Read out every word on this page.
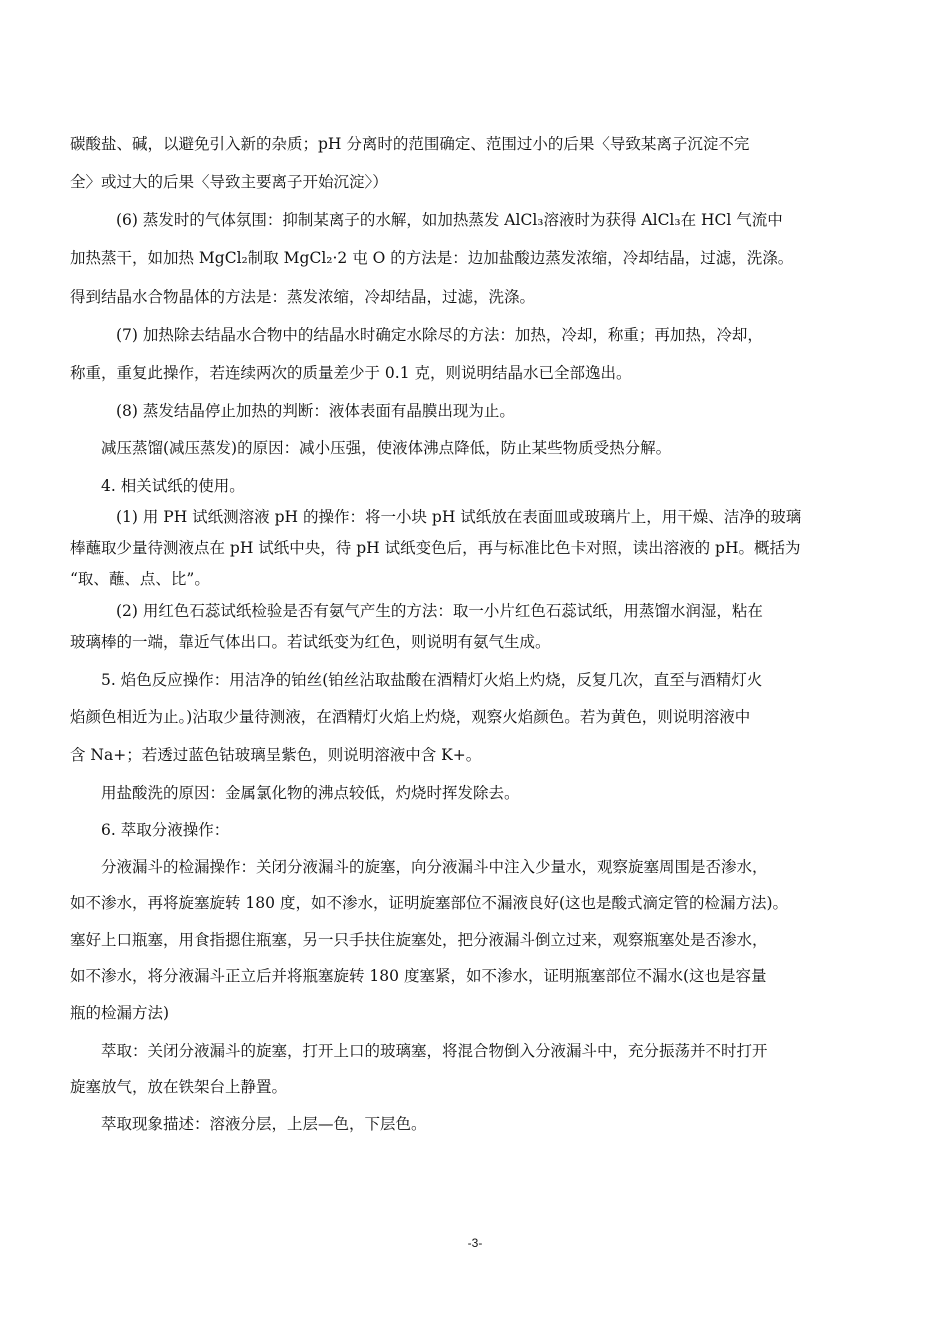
碳酸盐、碱，以避免引入新的杂质；pH 分离时的范围确定、范围过小的后果〈导致某离子沉淀不完
全〉或过大的后果〈导致主要离子开始沉淀〉）
(6) 蒸发时的气体氛围：抑制某离子的水解，如加热蒸发 AlCl₃溶液时为获得 AlCl₃在 HCl 气流中
加热蒸干，如加热 MgCl₂制取 MgCl₂·2 屯 O 的方法是：边加盐酸边蒸发浓缩，冷却结晶，过滤，洗涤。
得到结晶水合物晶体的方法是：蒸发浓缩，冷却结晶，过滤，洗涤。
(7) 加热除去结晶水合物中的结晶水时确定水除尽的方法：加热，冷却，称重；再加热，冷却，
称重，重复此操作，若连续两次的质量差少于 0.1 克，则说明结晶水已全部逸出。
(8) 蒸发结晶停止加热的判断：液体表面有晶膜出现为止。
减压蒸馏(减压蒸发)的原因：减小压强，使液体沸点降低，防止某些物质受热分解。
4. 相关试纸的使用。
(1) 用 PH 试纸测溶液 pH 的操作：将一小块 pH 试纸放在表面皿或玻璃片上，用干燥、洁净的玻璃
棒蘸取少量待测液点在 pH 试纸中央，待 pH 试纸变色后，再与标准比色卡对照，读出溶液的 pH。概括为
“取、蘸、点、比”。
(2) 用红色石蕊试纸检验是否有氨气产生的方法：取一小片红色石蕊试纸，用蒸馏水润湿，粘在
玻璃棒的一端，靠近气体出口。若试纸变为红色，则说明有氨气生成。
5. 焰色反应操作：用洁净的铂丝(铂丝沾取盐酸在酒精灯火焰上灼烧，反复几次，直至与酒精灯火
焰颜色相近为止。)沾取少量待测液，在酒精灯火焰上灼烧，观察火焰颜色。若为黄色，则说明溶液中
含 Na+；若透过蓝色钴玻璃呈紫色，则说明溶液中含 K+。
用盐酸洗的原因：金属氯化物的沸点较低，灼烧时挥发除去。
6. 萃取分液操作：
分液漏斗的检漏操作：关闭分液漏斗的旋塞，向分液漏斗中注入少量水，观察旋塞周围是否渗水，
如不渗水，再将旋塞旋转 180 度，如不渗水，证明旋塞部位不漏液良好(这也是酸式滴定管的检漏方法)。
塞好上口瓶塞，用食指摁住瓶塞，另一只手扶住旋塞处，把分液漏斗倒立过来，观察瓶塞处是否渗水，
如不渗水，将分液漏斗正立后并将瓶塞旋转 180 度塞紧，如不渗水，证明瓶塞部位不漏水(这也是容量
瓶的检漏方法)
萃取：关闭分液漏斗的旋塞，打开上口的玻璃塞，将混合物倒入分液漏斗中，充分振荡并不时打开
旋塞放气，放在铁架台上静置。
萃取现象描述：溶液分层，上层—色，下层色。
-3-
